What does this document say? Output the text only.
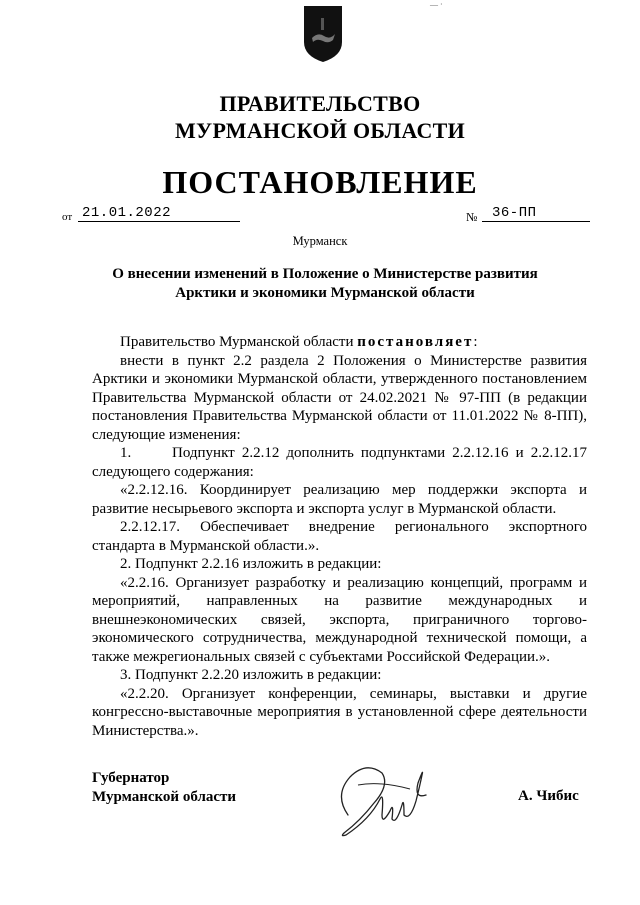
— ·
ПРАВИТЕЛЬСТВО
МУРМАНСКОЙ ОБЛАСТИ
ПОСТАНОВЛЕНИЕ
от 21.01.2022	№	36-ПП
Мурманск
О внесении изменений в Положение о Министерстве развития
Арктики и экономики Мурманской области

Правительство Мурманской области постановляет:

внести в пункт 2.2 раздела 2 Положения о Министерстве развития Арктики и экономики Мурманской области, утвержденного постановлением Правительства Мурманской области от 24.02.2021 № 97-ПП (в редакции постановления Правительства Мурманской области от 11.01.2022 № 8-ПП), следующие изменения:

1.	Подпункт 2.2.12 дополнить подпунктами 2.2.12.16 и 2.2.12.17 следующего содержания:

«2.2.12.16. Координирует реализацию мер поддержки экспорта и развитие несырьевого экспорта и экспорта услуг в Мурманской области.

2.2.12.17. Обеспечивает внедрение регионального экспортного стандарта в Мурманской области.».

2. Подпункт 2.2.16 изложить в редакции:

«2.2.16. Организует разработку и реализацию концепций, программ и мероприятий, направленных на развитие международных и внешнеэкономических связей, экспорта, приграничного торгово-экономического сотрудничества, международной технической помощи, а также межрегиональных связей с субъектами Российской Федерации.».

3. Подпункт 2.2.20 изложить в редакции:

«2.2.20. Организует конференции, семинары, выставки и другие конгрессно-выставочные мероприятия в установленной сфере деятельности Министерства.».

Губернатор
Мурманской области	А. Чибис
